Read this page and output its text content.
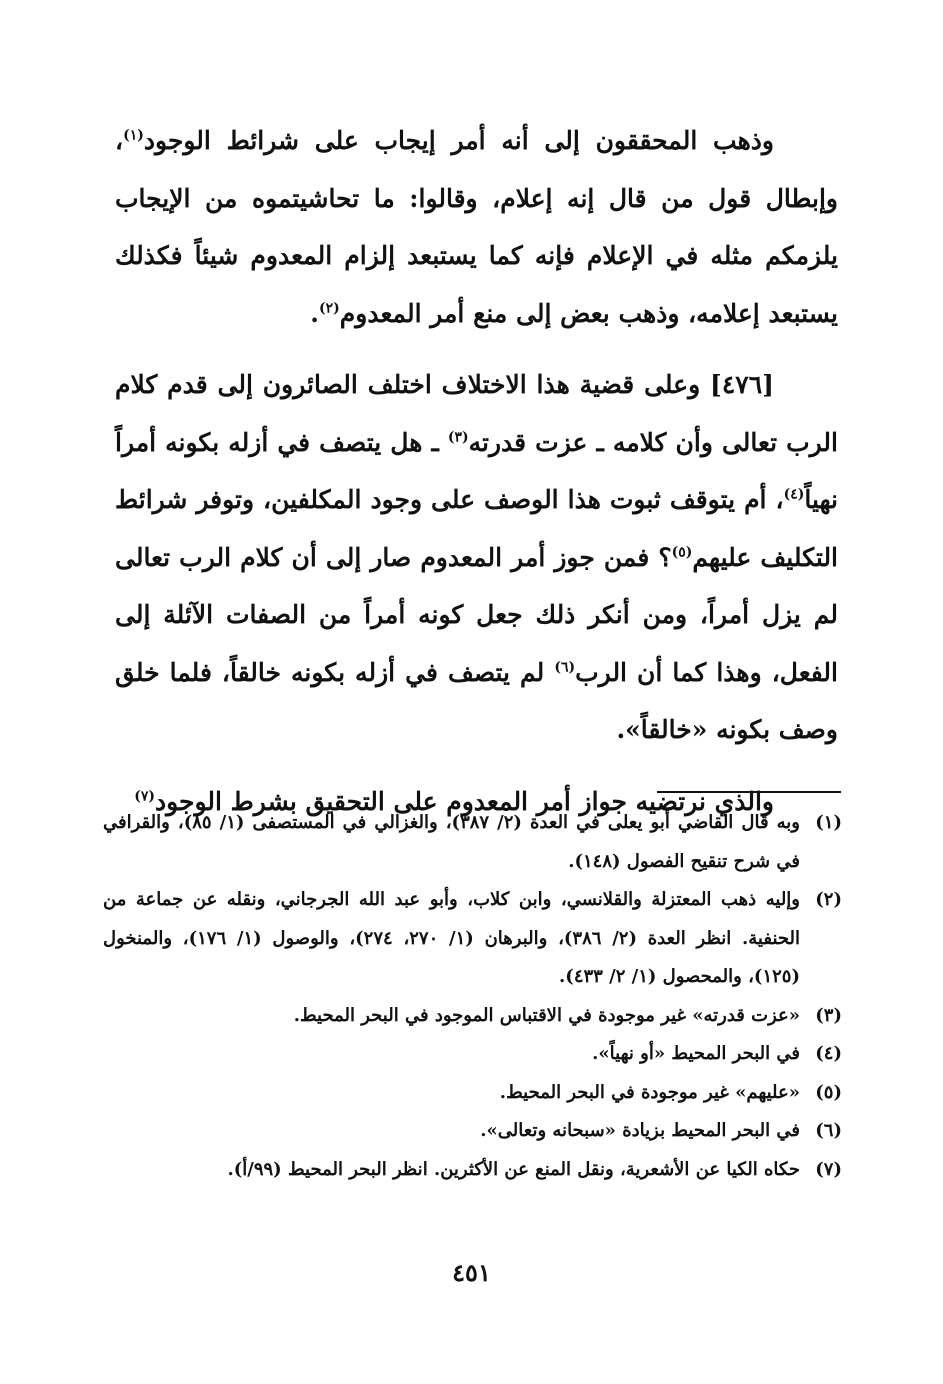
وذهب المحققون إلى أنه أمر إيجاب على شرائط الوجود$^{(١)}$، وإبطال قول من قال إنه إعلام، وقالوا: ما تحاشيتموه من الإيجاب يلزمكم مثله في الإعلام فإنه كما يستبعد إلزام المعدوم شيئاً فكذلك يستبعد إعلامه، وذهب بعض إلى منع أمر المعدوم$^{(٢)}$.

[٤٧٦] وعلى قضية هذا الاختلاف اختلف الصائرون إلى قدم كلام الرب تعالى وأن كلامه ـ عزت قدرته$^{(٣)}$ ـ هل يتصف في أزله بكونه أمراً نهياً$^{(٤)}$، أم يتوقف ثبوت هذا الوصف على وجود المكلفين، وتوفر شرائط التكليف عليهم$^{(٥)}$؟ فمن جوز أمر المعدوم صار إلى أن كلام الرب تعالى لم يزل أمراً، ومن أنكر ذلك جعل كونه أمراً من الصفات الآئلة إلى الفعل، وهذا كما أن الرب$^{(٦)}$ لم يتصف في أزله بكونه خالقاً، فلما خلق وصف بكونه «خالقاً».

والذي نرتضيه جواز أمر المعدوم على التحقيق بشرط الوجود$^{(٧)}$

(١)
وبه قال القاضي أبو يعلى في العدة (٢/ ٣٨٧)، والغزالي في المستصفى (١/ ٨٥)، والقرافي في شرح تنقيح الفصول (١٤٨).
(٢)
وإليه ذهب المعتزلة والقلانسي، وابن كلاب، وأبو عبد الله الجرجاني، ونقله عن جماعة من الحنفية. انظر العدة (٢/ ٣٨٦)، والبرهان (١/ ٢٧٠، ٢٧٤)، والوصول (١/ ١٧٦)، والمنخول (١٢٥)، والمحصول (١/ ٢/ ٤٣٣).
(٣)
«عزت قدرته» غير موجودة في الاقتباس الموجود في البحر المحيط.
(٤)
في البحر المحيط «أو نهياً».
(٥)
«عليهم» غير موجودة في البحر المحيط.
(٦)
في البحر المحيط بزيادة «سبحانه وتعالى».
(٧)
حكاه الكيا عن الأشعرية، ونقل المنع عن الأكثرين. انظر البحر المحيط (٩٩/أ).
٤٥١
